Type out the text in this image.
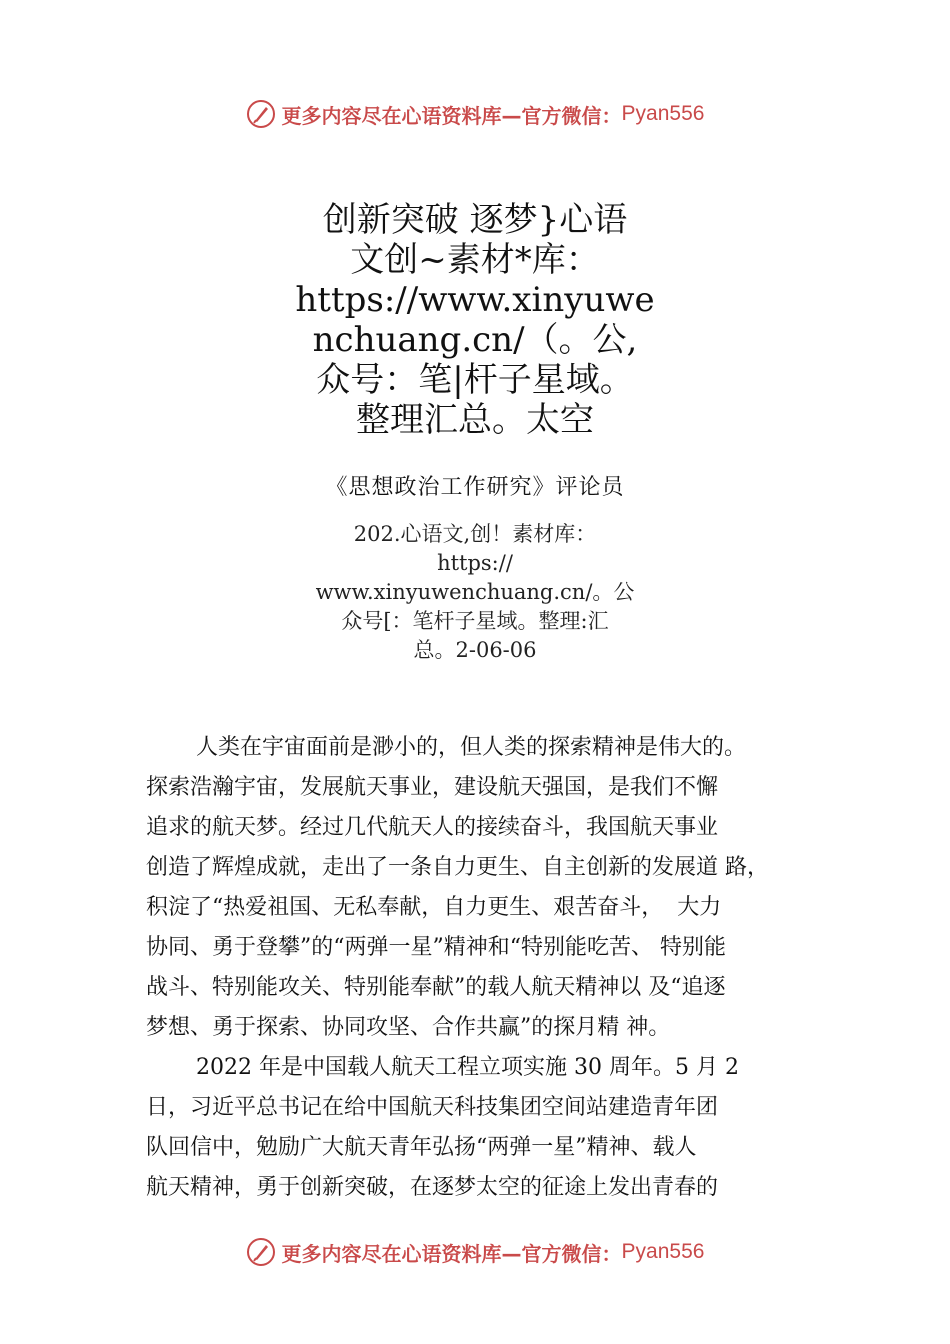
更多内容尽在心语资料库—官方微信： Pyan556
创新突破 逐梦}心语
文创~素材*库：
https://www.xinyuwe
nchuang.cn/（。公,
众号：笔|杆子星域。
整理汇总。太空
《思想政治工作研究》评论员
202.心语文,创！素材库：
https://
www.xinyuwenchuang.cn/。公
众号[：笔杆子星域。整理:汇
总。2-06-06
人类在宇宙面前是渺小的，但人类的探索精神是伟大的。
探索浩瀚宇宙，发展航天事业，建设航天强国，是我们不懈
追求的航天梦。经过几代航天人的接续奋斗，我国航天事业
创造了辉煌成就，走出了一条自力更生、自主创新的发展道 路，
积淀了“热爱祖国、无私奉献，自力更生、艰苦奋斗，  大力
协同、勇于登攀”的“两弹一星”精神和“特别能吃苦、 特别能
战斗、特别能攻关、特别能奉献”的载人航天精神以 及“追逐
梦想、勇于探索、协同攻坚、合作共赢”的探月精 神。
2022 年是中国载人航天工程立项实施 30 周年。5 月 2
日，习近平总书记在给中国航天科技集团空间站建造青年团
队回信中，勉励广大航天青年弘扬“两弹一星”精神、载人
航天精神，勇于创新突破，在逐梦太空的征途上发出青春的
更多内容尽在心语资料库—官方微信： Pyan556
